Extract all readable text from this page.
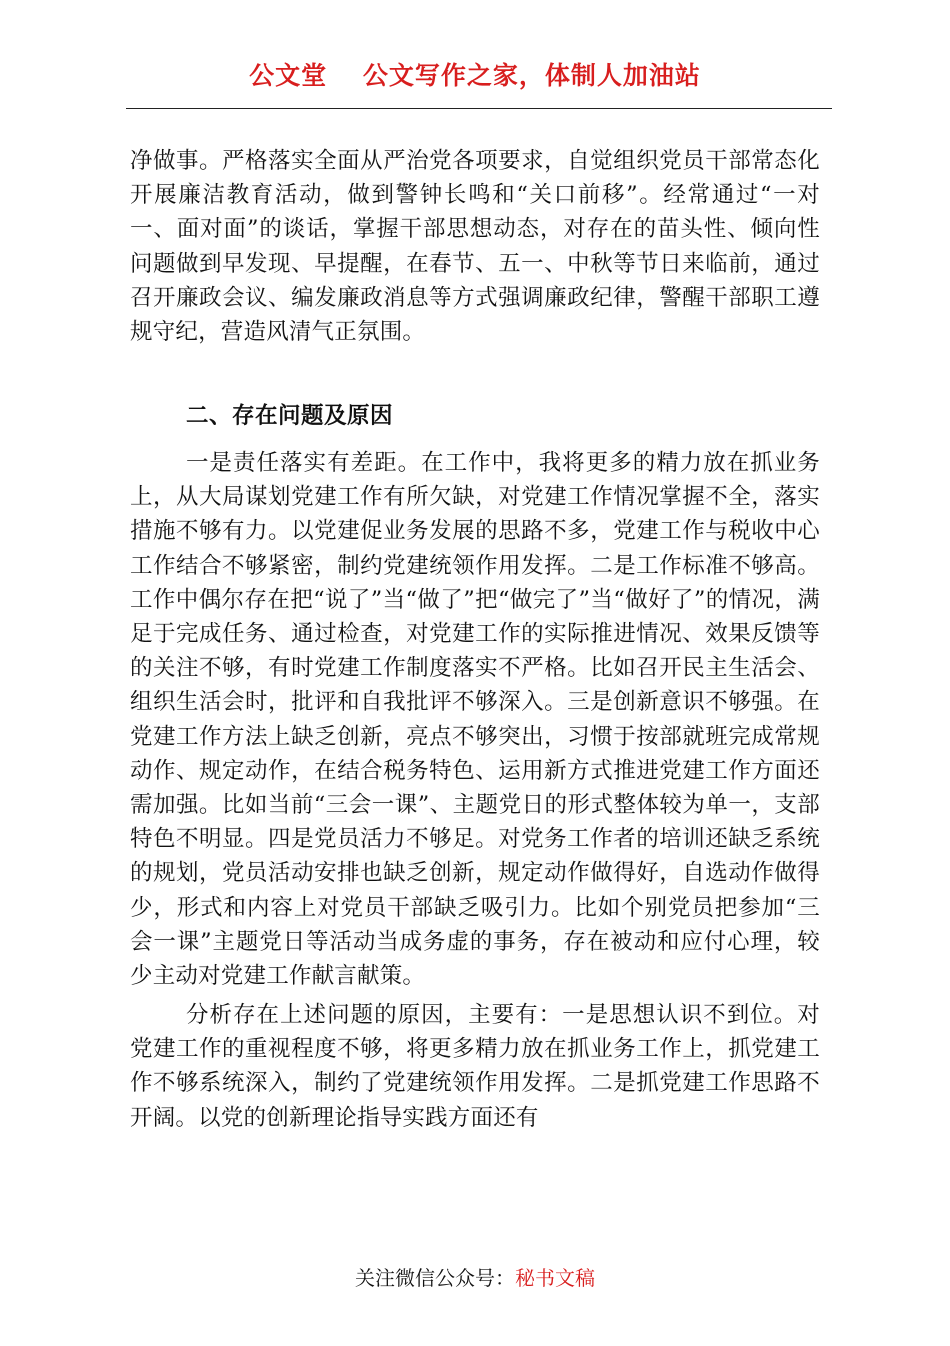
公文堂　 公文写作之家，体制人加油站

净做事。严格落实全面从严治党各项要求，自觉组织党员干部常态化开展廉洁教育活动，做到警钟长鸣和“关口前移”。经常通过“一对一、面对面”的谈话，掌握干部思想动态，对存在的苗头性、倾向性问题做到早发现、早提醒，在春节、五一、中秋等节日来临前，通过召开廉政会议、编发廉政消息等方式强调廉政纪律，警醒干部职工遵规守纪，营造风清气正氛围。

二、存在问题及原因

一是责任落实有差距。在工作中，我将更多的精力放在抓业务上，从大局谋划党建工作有所欠缺，对党建工作情况掌握不全，落实措施不够有力。以党建促业务发展的思路不多，党建工作与税收中心工作结合不够紧密，制约党建统领作用发挥。二是工作标准不够高。工作中偶尔存在把“说了”当“做了”把“做完了”当“做好了”的情况，满足于完成任务、通过检查，对党建工作的实际推进情况、效果反馈等的关注不够，有时党建工作制度落实不严格。比如召开民主生活会、组织生活会时，批评和自我批评不够深入。三是创新意识不够强。在党建工作方法上缺乏创新，亮点不够突出，习惯于按部就班完成常规动作、规定动作，在结合税务特色、运用新方式推进党建工作方面还需加强。比如当前“三会一课”、主题党日的形式整体较为单一，支部特色不明显。四是党员活力不够足。对党务工作者的培训还缺乏系统的规划，党员活动安排也缺乏创新，规定动作做得好，自选动作做得少，形式和内容上对党员干部缺乏吸引力。比如个别党员把参加“三会一课”主题党日等活动当成务虚的事务，存在被动和应付心理，较少主动对党建工作献言献策。

分析存在上述问题的原因，主要有：一是思想认识不到位。对党建工作的重视程度不够，将更多精力放在抓业务工作上，抓党建工作不够系统深入，制约了党建统领作用发挥。二是抓党建工作思路不开阔。以党的创新理论指导实践方面还有

关注微信公众号：秘书文稿
